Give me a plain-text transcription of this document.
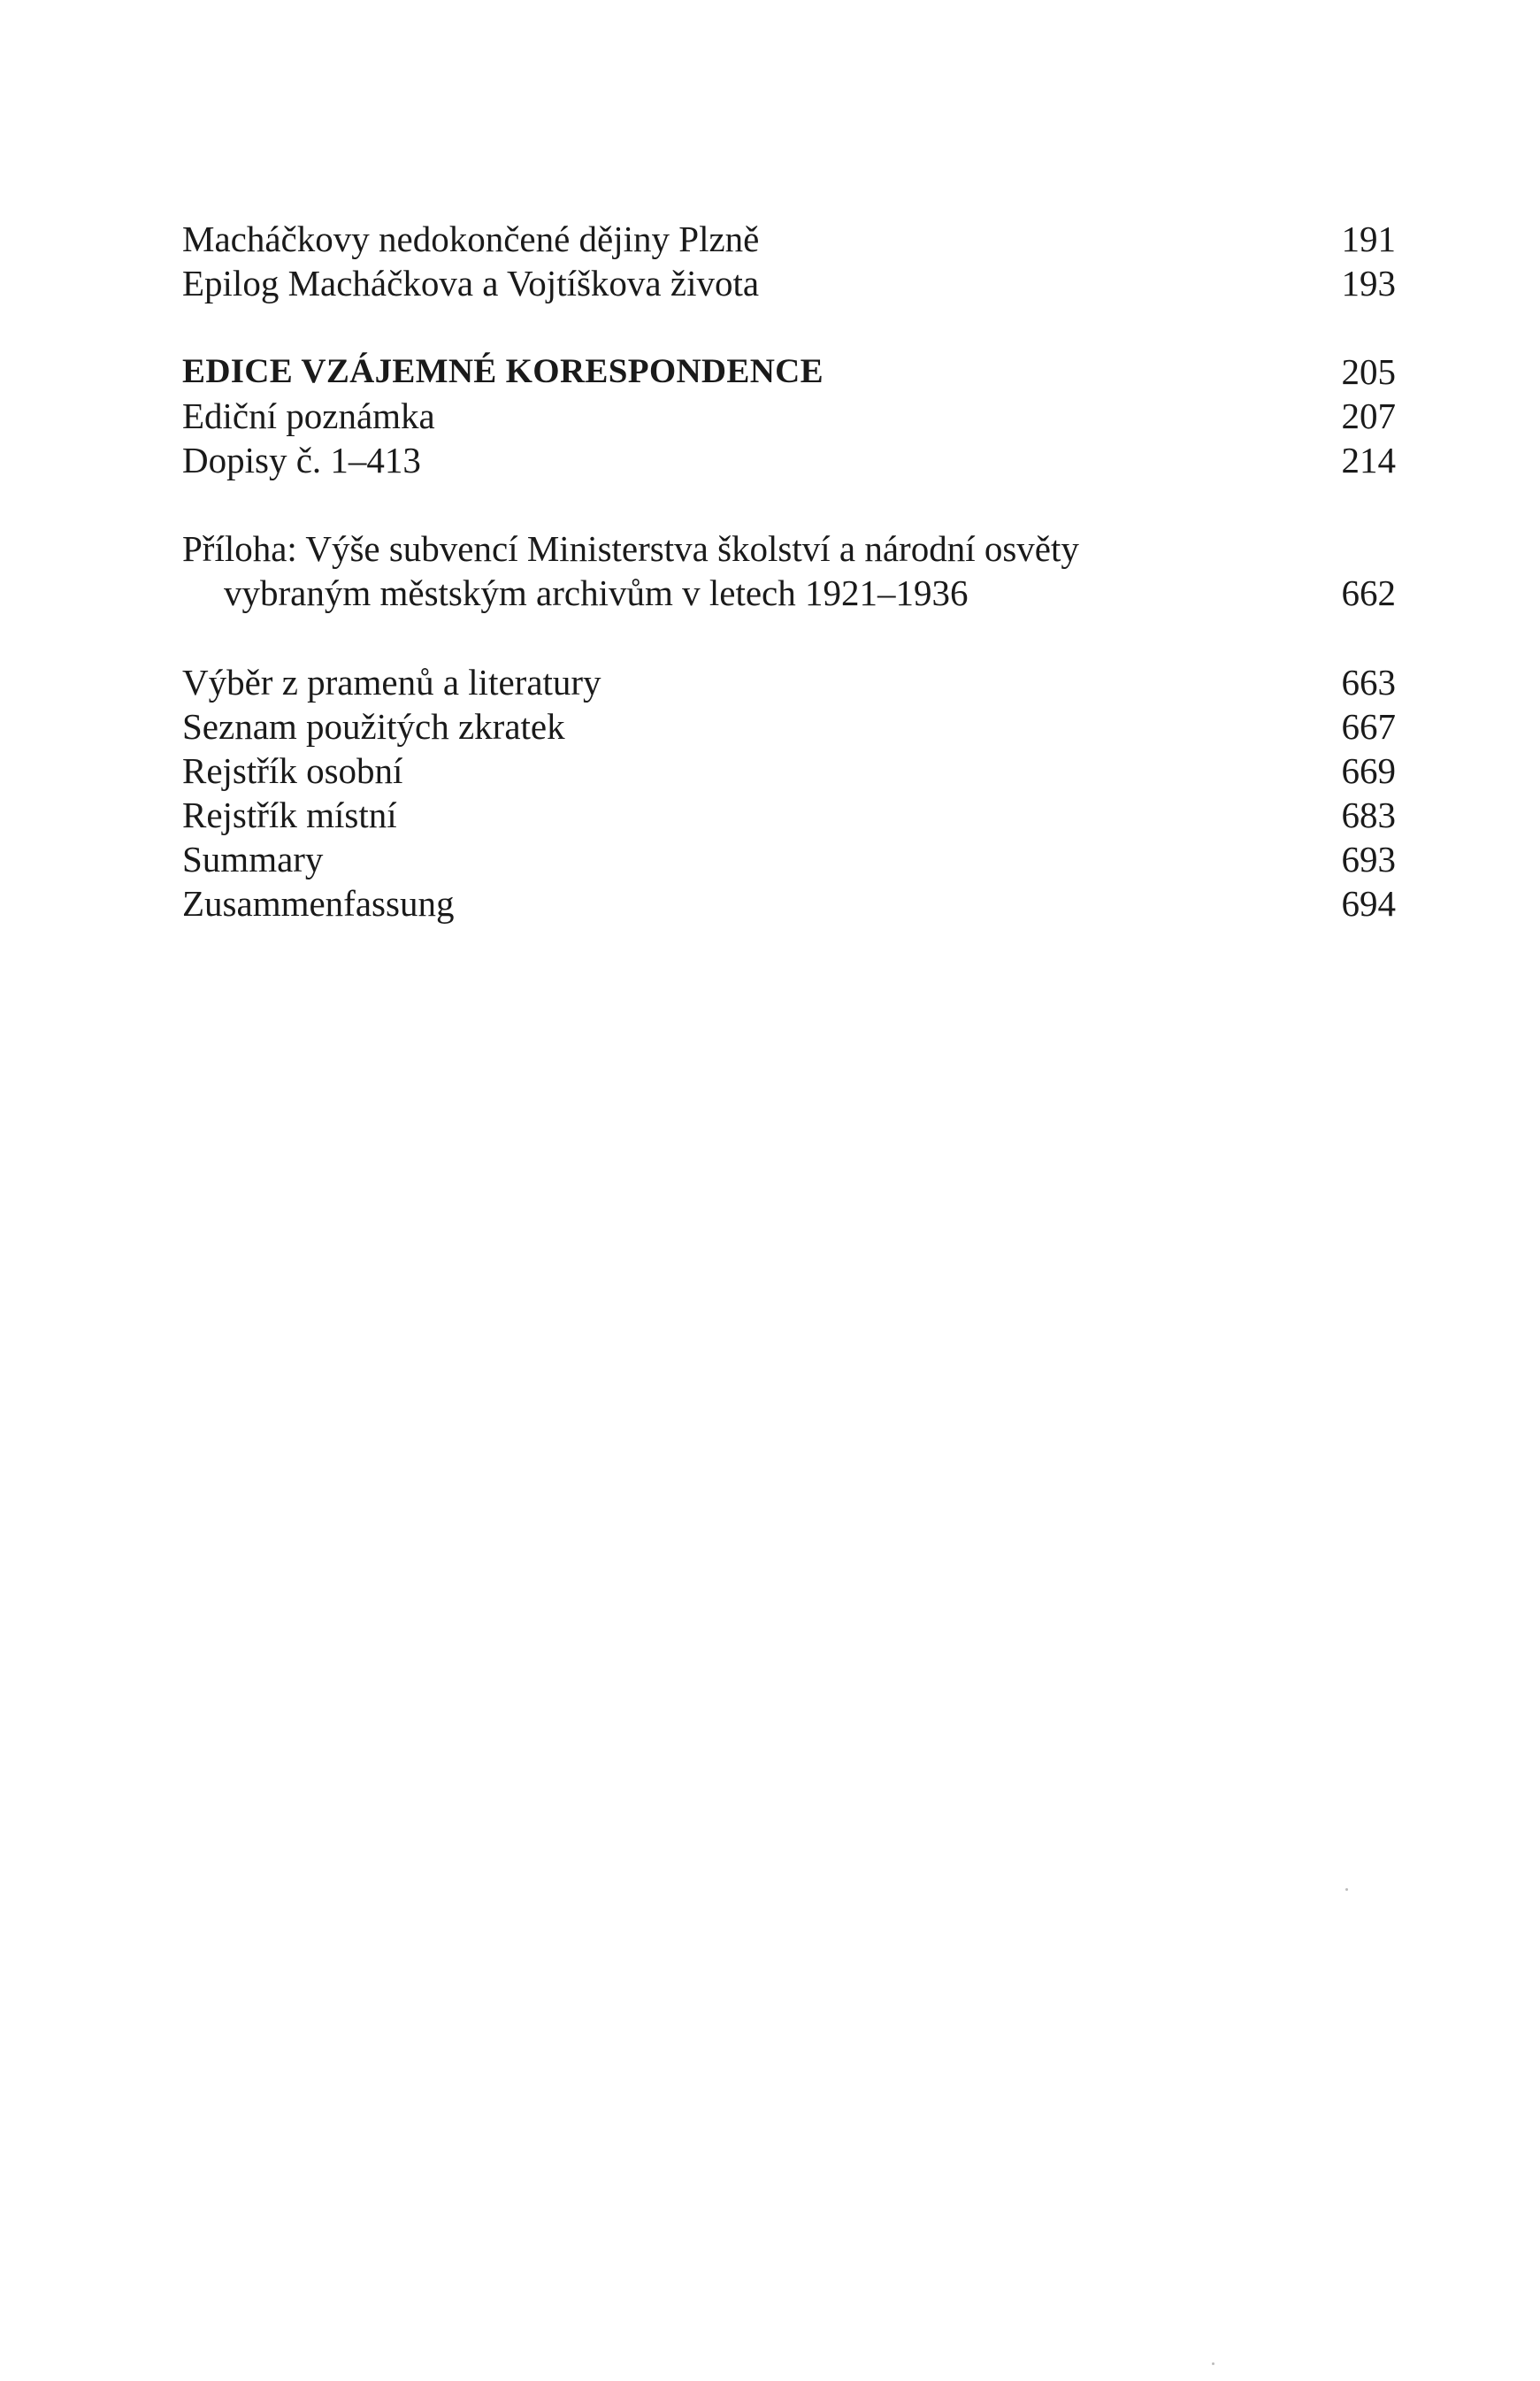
Macháčkovy nedokončené dějiny Plzně	191
Epilog Macháčkova a Vojtíškova života	193
EDICE VZÁJEMNÉ KORESPONDENCE	205
Ediční poznámka	207
Dopisy č. 1–413	214
Příloha: Výše subvencí Ministerstva školství a národní osvěty
vybraným městským archivům v letech 1921–1936	662
Výběr z pramenů a literatury	663
Seznam použitých zkratek	667
Rejstřík osobní	669
Rejstřík místní	683
Summary	693
Zusammenfassung	694
